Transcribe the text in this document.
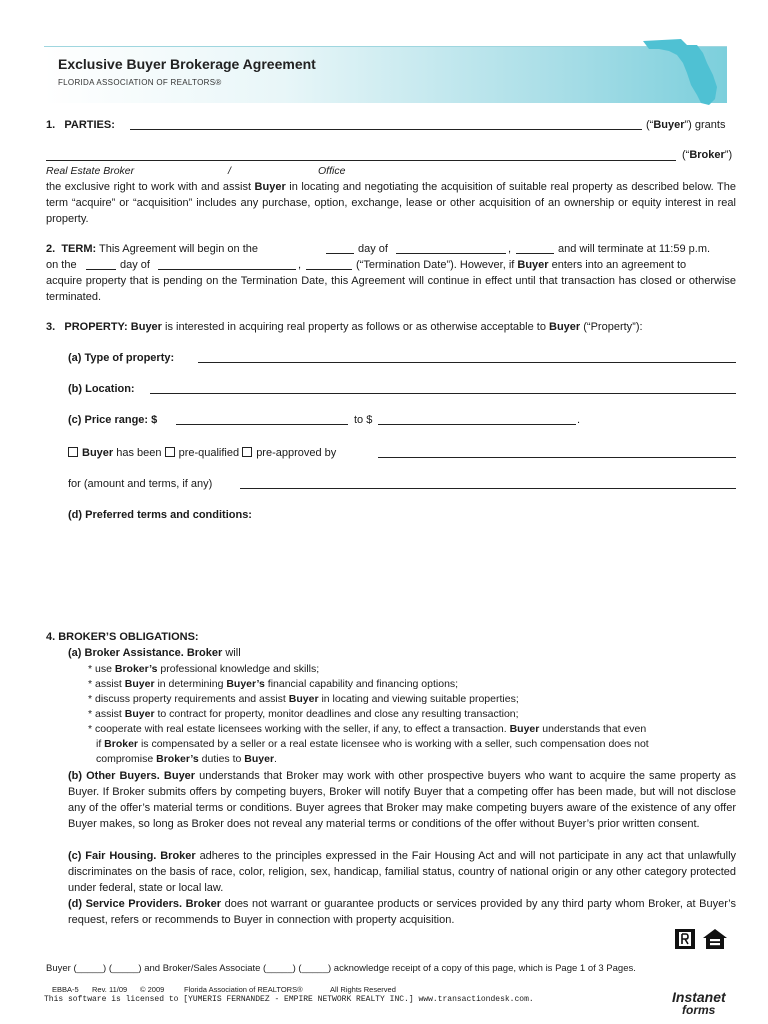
Exclusive Buyer Brokerage Agreement
FLORIDA ASSOCIATION OF REALTORS®
1. PARTIES:	(“Buyer”) grants
(“Broker”)
Real Estate Broker	/	Office
the exclusive right to work with and assist Buyer in locating and negotiating the acquisition of suitable real property as described below. The term “acquire” or “acquisition” includes any purchase, option, exchange, lease or other acquisition of an ownership or equity interest in real property.
2. TERM: This Agreement will begin on the	day of	,	and will terminate at 11:59 p.m.
on the	day of	,	(“Termination Date”). However, if Buyer enters into an agreement to
acquire property that is pending on the Termination Date, this Agreement will continue in effect until that transaction has closed or otherwise terminated.
3. PROPERTY: Buyer is interested in acquiring real property as follows or as otherwise acceptable to Buyer (“Property”):
(a) Type of property:
(b) Location:
(c) Price range: $	to $	.
Buyer has been pre-qualified pre-approved by
for (amount and terms, if any)
(d) Preferred terms and conditions:
4. BROKER’S OBLIGATIONS:
(a) Broker Assistance. Broker will
* use Broker’s professional knowledge and skills;
* assist Buyer in determining Buyer’s financial capability and financing options;
* discuss property requirements and assist Buyer in locating and viewing suitable properties;
* assist Buyer to contract for property, monitor deadlines and close any resulting transaction;
* cooperate with real estate licensees working with the seller, if any, to effect a transaction. Buyer understands that even
if Broker is compensated by a seller or a real estate licensee who is working with a seller, such compensation does not
compromise Broker’s duties to Buyer.
(b) Other Buyers. Buyer understands that Broker may work with other prospective buyers who want to acquire the same property as Buyer. If Broker submits offers by competing buyers, Broker will notify Buyer that a competing offer has been made, but will not disclose any of the offer’s material terms or conditions. Buyer agrees that Broker may make competing buyers aware of the existence of any offer Buyer makes, so long as Broker does not reveal any material terms or conditions of the offer without Buyer’s prior written consent.
(c) Fair Housing. Broker adheres to the principles expressed in the Fair Housing Act and will not participate in any act that unlawfully discriminates on the basis of race, color, religion, sex, handicap, familial status, country of national origin or any other category protected under federal, state or local law.
(d) Service Providers. Broker does not warrant or guarantee products or services provided by any third party whom Broker, at Buyer’s request, refers or recommends to Buyer in connection with property acquisition.
Buyer (_____) (_____) and Broker/Sales Associate (_____) (_____) acknowledge receipt of a copy of this page, which is Page 1 of 3 Pages.
EBBA-5 Rev. 11/09 © 2009	Florida Association of REALTORS®	All Rights Reserved
This software is licensed to [YUMERIS FERNANDEZ - EMPIRE NETWORK REALTY INC.] www.transactiondesk.com.	Instanet
forms
